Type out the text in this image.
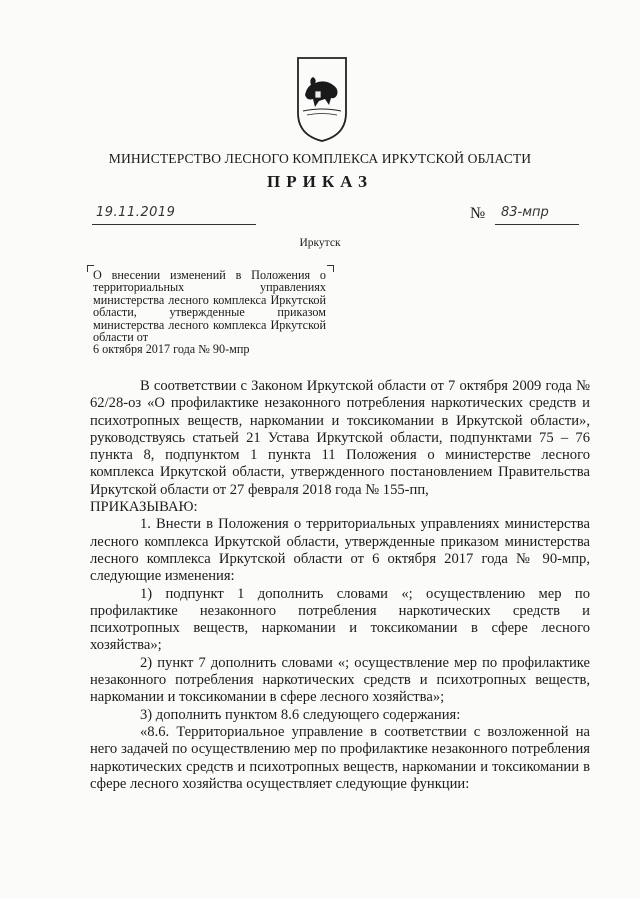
МИНИСТЕРСТВО ЛЕСНОГО КОМПЛЕКСА ИРКУТСКОЙ ОБЛАСТИ
ПРИКАЗ
19.11.2019	№ 83-мпр
Иркутск
О внесении изменений в Положения о территориальных управлениях министерства лесного комплекса Иркутской области, утвержденные приказом министерства лесного комплекса Иркутской области от
6 октября 2017 года № 90-мпр

В соответствии с Законом Иркутской области от 7 октября 2009 года № 62/28-оз «О профилактике незаконного потребления наркотических средств и психотропных веществ, наркомании и токсикомании в Иркутской области», руководствуясь статьей 21 Устава Иркутской области, подпунктами 75 – 76 пункта 8, подпунктом 1 пункта 11 Положения о министерстве лесного комплекса Иркутской области, утвержденного постановлением Правительства Иркутской области от 27 февраля 2018 года № 155-пп,

ПРИКАЗЫВАЮ:

1. Внести в Положения о территориальных управлениях министерства лесного комплекса Иркутской области, утвержденные приказом министерства лесного комплекса Иркутской области от 6 октября 2017 года № 90-мпр, следующие изменения:

1) подпункт 1 дополнить словами «; осуществлению мер по профилактике незаконного потребления наркотических средств и психотропных веществ, наркомании и токсикомании в сфере лесного хозяйства»;

2) пункт 7 дополнить словами «; осуществление мер по профилактике незаконного потребления наркотических средств и психотропных веществ, наркомании и токсикомании в сфере лесного хозяйства»;

3) дополнить пунктом 8.6 следующего содержания:

«8.6. Территориальное управление в соответствии с возложенной на него задачей по осуществлению мер по профилактике незаконного потребления наркотических средств и психотропных веществ, наркомании и токсикомании в сфере лесного хозяйства осуществляет следующие функции:
